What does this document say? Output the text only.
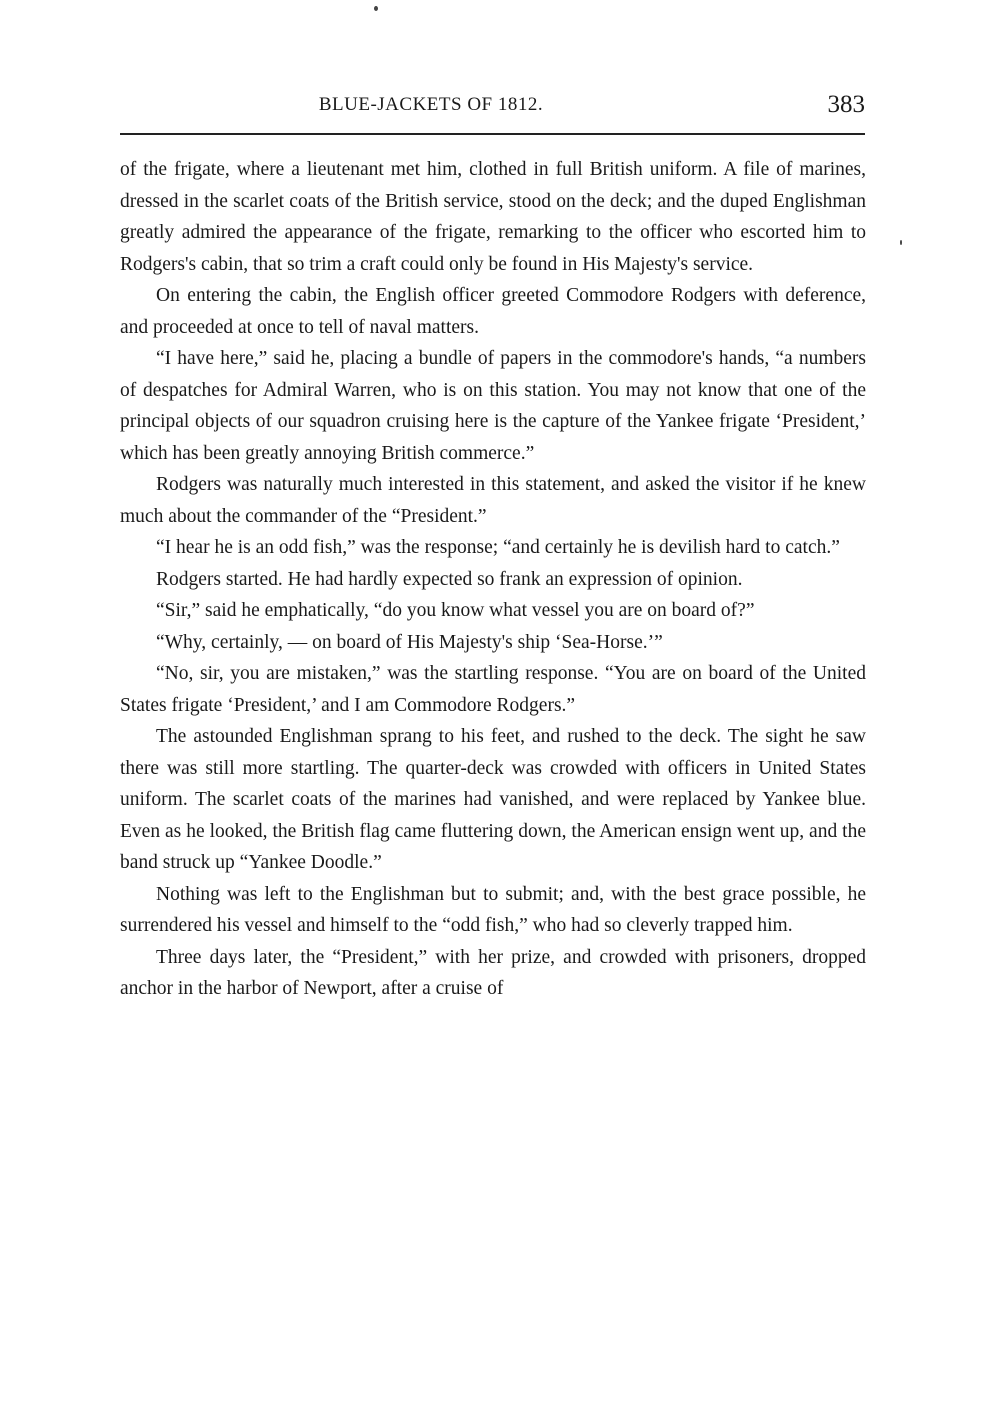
BLUE-JACKETS OF 1812.	383

of the frigate, where a lieutenant met him, clothed in full British uniform. A file of marines, dressed in the scarlet coats of the British service, stood on the deck; and the duped Englishman greatly admired the appearance of the frigate, remarking to the officer who escorted him to Rodgers's cabin, that so trim a craft could only be found in His Majesty's service.

On entering the cabin, the English officer greeted Commodore Rodgers with deference, and proceeded at once to tell of naval matters.

“I have here,” said he, placing a bundle of papers in the commodore's hands, “a numbers of despatches for Admiral Warren, who is on this station. You may not know that one of the principal objects of our squadron cruising here is the capture of the Yankee frigate ‘President,’ which has been greatly annoying British commerce.”

Rodgers was naturally much interested in this statement, and asked the visitor if he knew much about the commander of the “President.”

“I hear he is an odd fish,” was the response; “and certainly he is devilish hard to catch.”

Rodgers started. He had hardly expected so frank an expression of opinion.

“Sir,” said he emphatically, “do you know what vessel you are on board of?”

“Why, certainly, — on board of His Majesty's ship ‘Sea-Horse.’”

“No, sir, you are mistaken,” was the startling response. “You are on board of the United States frigate ‘President,’ and I am Commodore Rodgers.”

The astounded Englishman sprang to his feet, and rushed to the deck. The sight he saw there was still more startling. The quarter-deck was crowded with officers in United States uniform. The scarlet coats of the marines had vanished, and were replaced by Yankee blue. Even as he looked, the British flag came fluttering down, the American ensign went up, and the band struck up “Yankee Doodle.”

Nothing was left to the Englishman but to submit; and, with the best grace possible, he surrendered his vessel and himself to the “odd fish,” who had so cleverly trapped him.

Three days later, the “President,” with her prize, and crowded with prisoners, dropped anchor in the harbor of Newport, after a cruise of
